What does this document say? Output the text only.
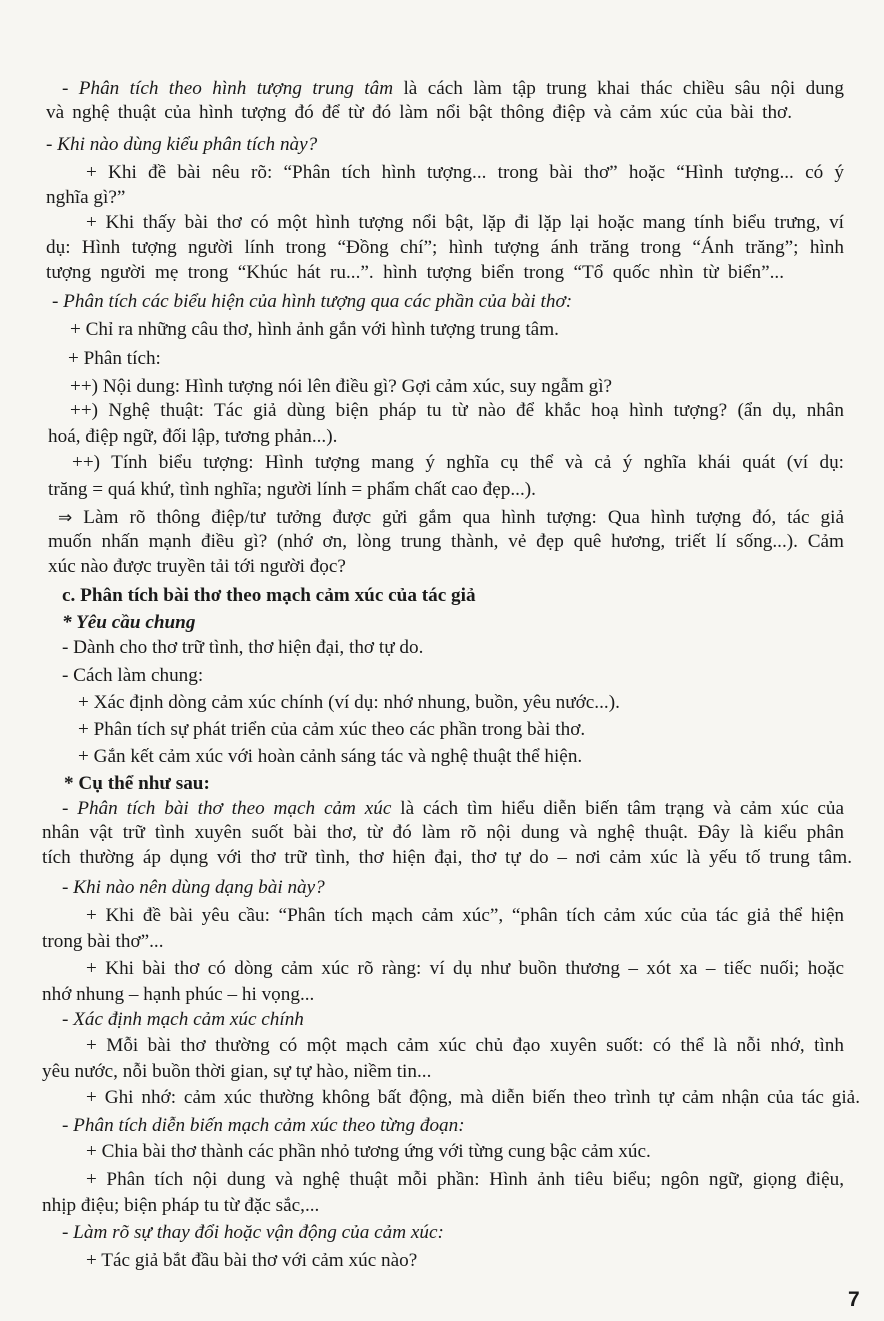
- Phân tích theo hình tượng trung tâm là cách làm tập trung khai thác chiều sâu nội dung
và nghệ thuật của hình tượng đó để từ đó làm nổi bật thông điệp và cảm xúc của bài thơ.
- Khi nào dùng kiểu phân tích này?
+ Khi đề bài nêu rõ: “Phân tích hình tượng... trong bài thơ” hoặc “Hình tượng... có ý
nghĩa gì?”
+ Khi thấy bài thơ có một hình tượng nổi bật, lặp đi lặp lại hoặc mang tính biểu trưng, ví
dụ: Hình tượng người lính trong “Đồng chí”; hình tượng ánh trăng trong “Ánh trăng”; hình
tượng người mẹ trong “Khúc hát ru...”. hình tượng biển trong “Tổ quốc nhìn từ biển”...
- Phân tích các biểu hiện của hình tượng qua các phần của bài thơ:
+ Chỉ ra những câu thơ, hình ảnh gắn với hình tượng trung tâm.
+ Phân tích:
++) Nội dung: Hình tượng nói lên điều gì? Gợi cảm xúc, suy ngẫm gì?
++) Nghệ thuật: Tác giả dùng biện pháp tu từ nào để khắc hoạ hình tượng? (ẩn dụ, nhân
hoá, điệp ngữ, đối lập, tương phản...).
++) Tính biểu tượng: Hình tượng mang ý nghĩa cụ thể và cả ý nghĩa khái quát (ví dụ:
trăng = quá khứ, tình nghĩa; người lính = phẩm chất cao đẹp...).
⇒ Làm rõ thông điệp/tư tưởng được gửi gắm qua hình tượng: Qua hình tượng đó, tác giả
muốn nhấn mạnh điều gì? (nhớ ơn, lòng trung thành, vẻ đẹp quê hương, triết lí sống...). Cảm
xúc nào được truyền tải tới người đọc?
c. Phân tích bài thơ theo mạch cảm xúc của tác giả
* Yêu cầu chung
- Dành cho thơ trữ tình, thơ hiện đại, thơ tự do.
- Cách làm chung:
+ Xác định dòng cảm xúc chính (ví dụ: nhớ nhung, buồn, yêu nước...).
+ Phân tích sự phát triển của cảm xúc theo các phần trong bài thơ.
+ Gắn kết cảm xúc với hoàn cảnh sáng tác và nghệ thuật thể hiện.
* Cụ thể như sau:
- Phân tích bài thơ theo mạch cảm xúc là cách tìm hiểu diễn biến tâm trạng và cảm xúc của
nhân vật trữ tình xuyên suốt bài thơ, từ đó làm rõ nội dung và nghệ thuật. Đây là kiểu phân
tích thường áp dụng với thơ trữ tình, thơ hiện đại, thơ tự do – nơi cảm xúc là yếu tố trung tâm.
- Khi nào nên dùng dạng bài này?
+ Khi đề bài yêu cầu: “Phân tích mạch cảm xúc”, “phân tích cảm xúc của tác giả thể hiện
trong bài thơ”...
+ Khi bài thơ có dòng cảm xúc rõ ràng: ví dụ như buồn thương – xót xa – tiếc nuối; hoặc
nhớ nhung – hạnh phúc – hi vọng...
- Xác định mạch cảm xúc chính
+ Mỗi bài thơ thường có một mạch cảm xúc chủ đạo xuyên suốt: có thể là nỗi nhớ, tình
yêu nước, nỗi buồn thời gian, sự tự hào, niềm tin...
+ Ghi nhớ: cảm xúc thường không bất động, mà diễn biến theo trình tự cảm nhận của tác giả.
- Phân tích diễn biến mạch cảm xúc theo từng đoạn:
+ Chia bài thơ thành các phần nhỏ tương ứng với từng cung bậc cảm xúc.
+ Phân tích nội dung và nghệ thuật mỗi phần: Hình ảnh tiêu biểu; ngôn ngữ, giọng điệu,
nhịp điệu; biện pháp tu từ đặc sắc,...
- Làm rõ sự thay đổi hoặc vận động của cảm xúc:
+ Tác giả bắt đầu bài thơ với cảm xúc nào?
7
